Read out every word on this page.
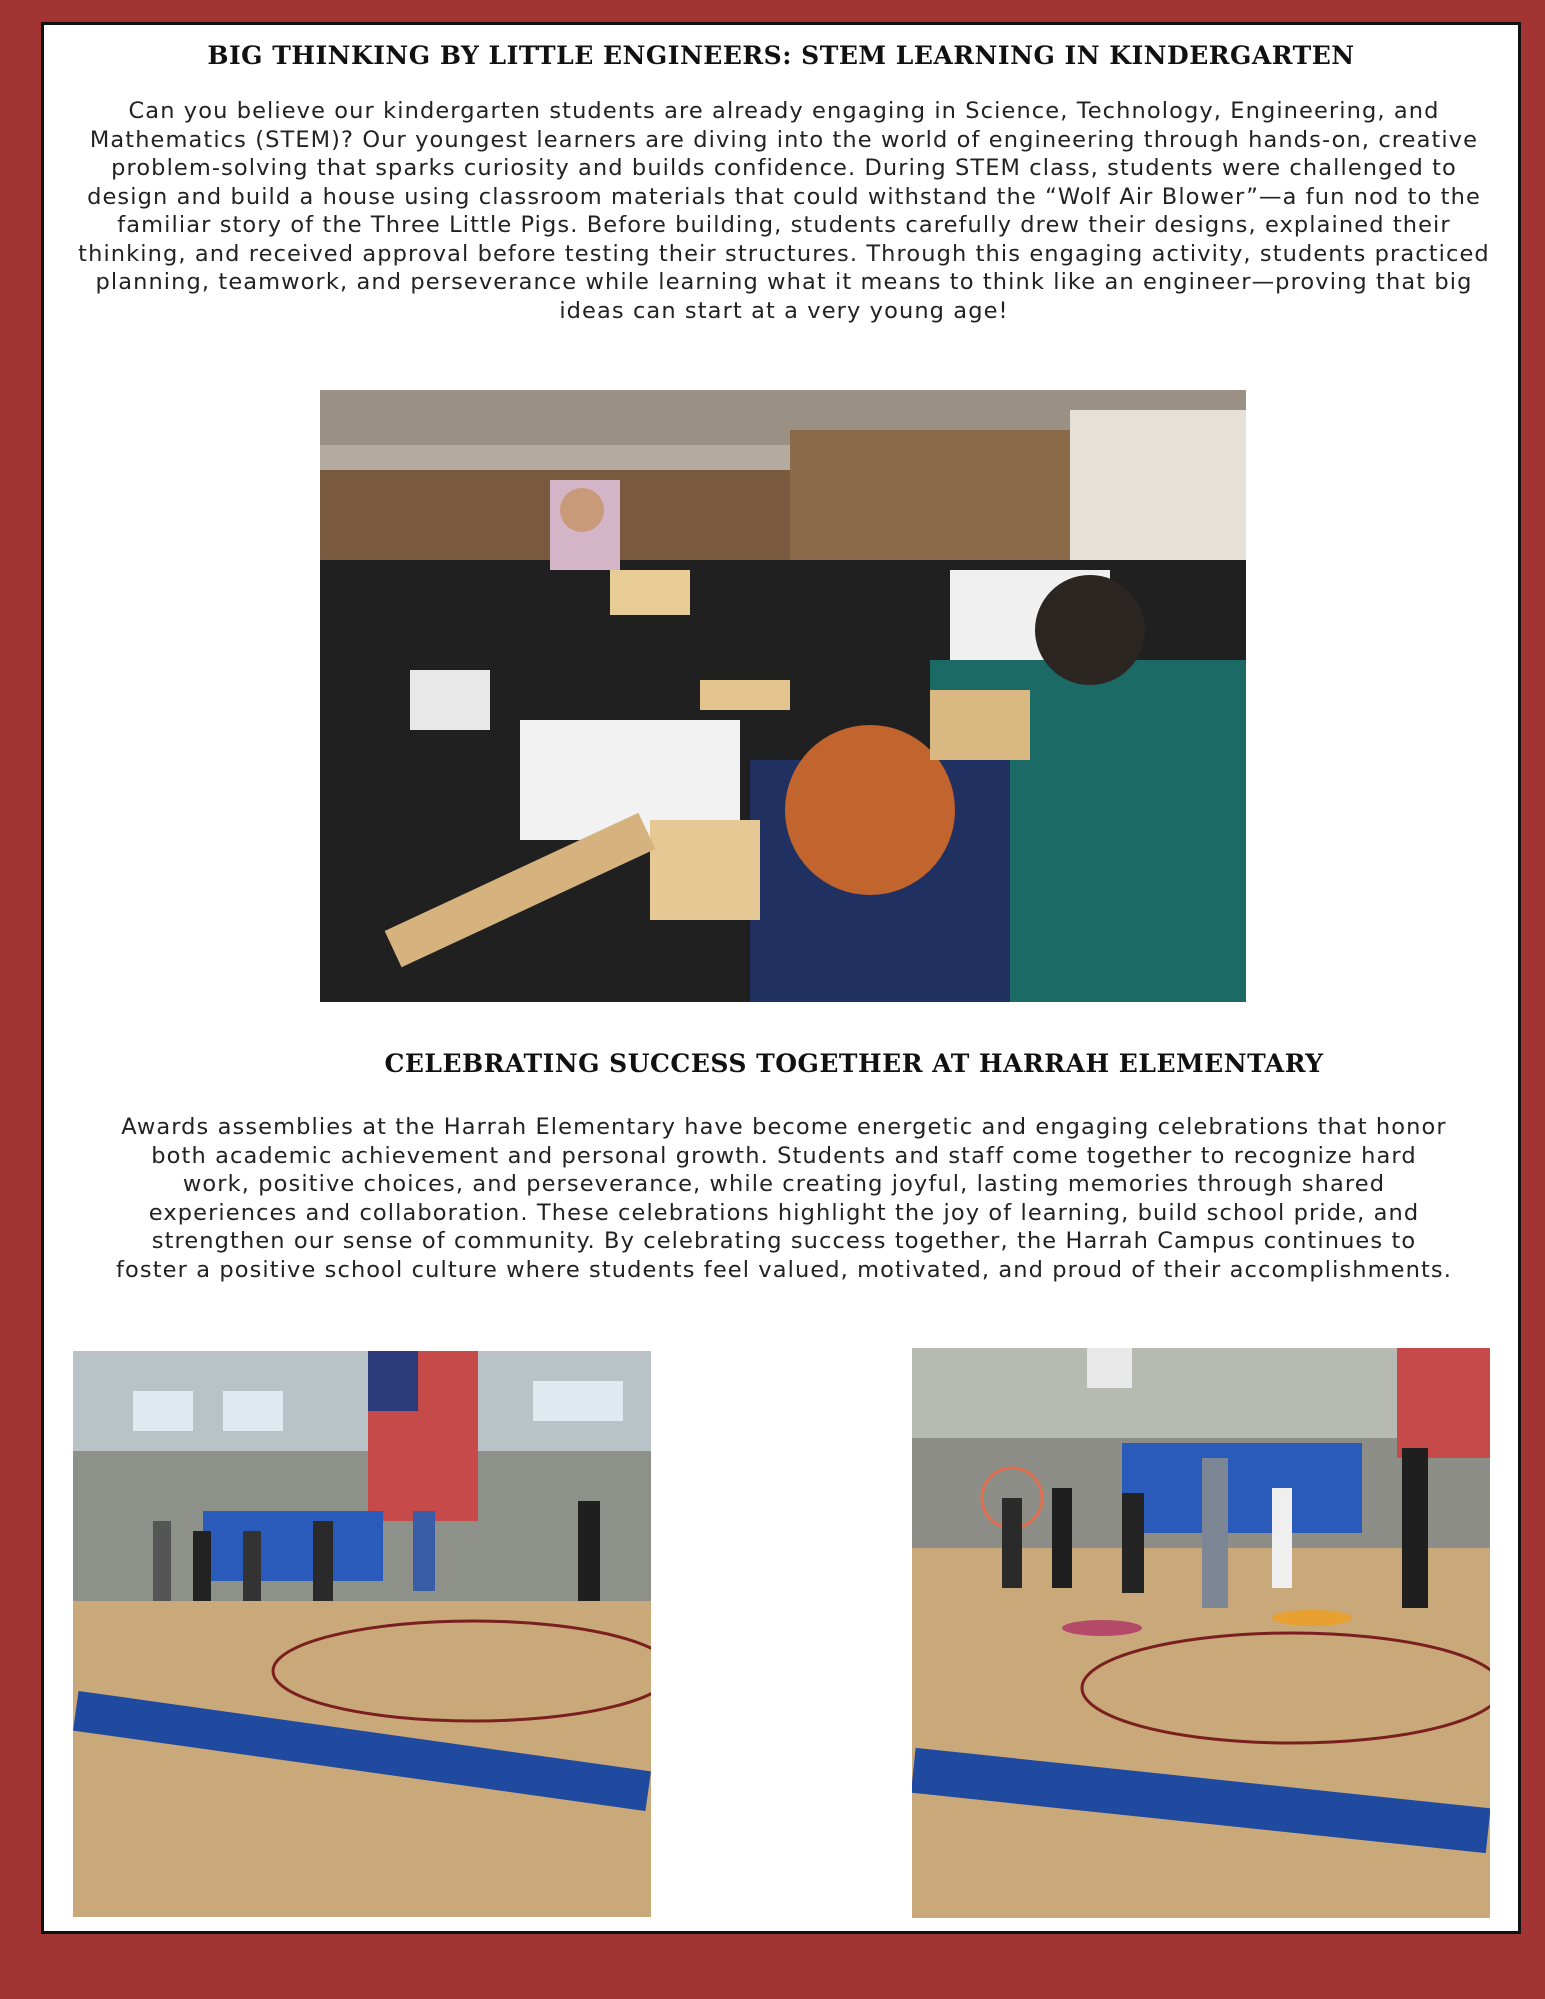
BIG THINKING BY LITTLE ENGINEERS: STEM LEARNING IN KINDERGARTEN

Can you believe our kindergarten students are already engaging in Science, Technology, Engineering, and Mathematics (STEM)? Our youngest learners are diving into the world of engineering through hands-on, creative problem-solving that sparks curiosity and builds confidence. During STEM class, students were challenged to design and build a house using classroom materials that could withstand the “Wolf Air Blower”—a fun nod to the familiar story of the Three Little Pigs. Before building, students carefully drew their designs, explained their thinking, and received approval before testing their structures. Through this engaging activity, students practiced planning, teamwork, and perseverance while learning what it means to think like an engineer—proving that big ideas can start at a very young age!

CELEBRATING SUCCESS TOGETHER AT HARRAH ELEMENTARY

Awards assemblies at the Harrah Elementary have become energetic and engaging celebrations that honor both academic achievement and personal growth. Students and staff come together to recognize hard work, positive choices, and perseverance, while creating joyful, lasting memories through shared experiences and collaboration. These celebrations highlight the joy of learning, build school pride, and strengthen our sense of community. By celebrating success together, the Harrah Campus continues to foster a positive school culture where students feel valued, motivated, and proud of their accomplishments.
